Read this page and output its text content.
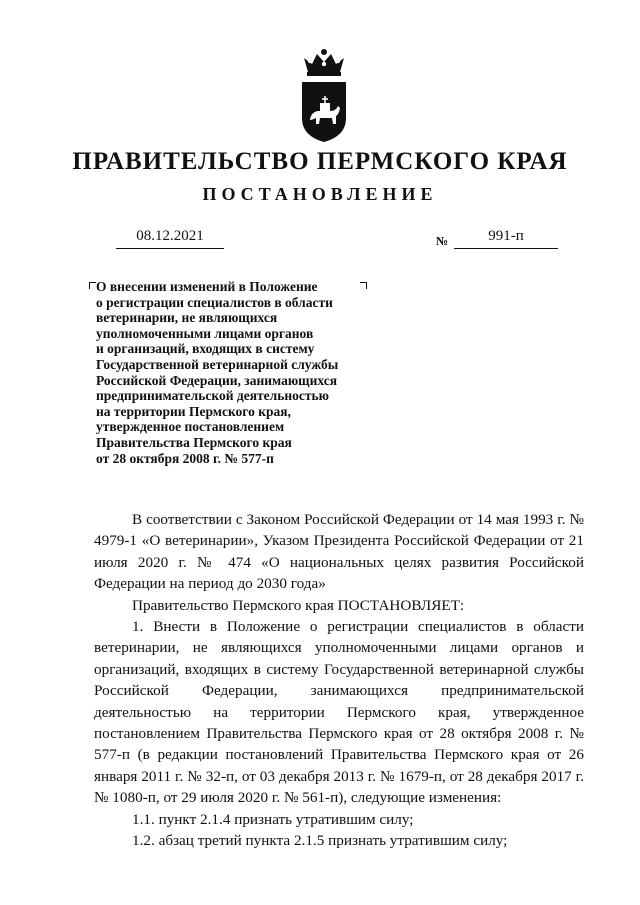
ПРАВИТЕЛЬСТВО ПЕРМСКОГО КРАЯ
ПОСТАНОВЛЕНИЕ
08.12.2021	№	991-п
О внесении изменений в Положение
о регистрации специалистов в области
ветеринарии, не являющихся
уполномоченными лицами органов
и организаций, входящих в систему
Государственной ветеринарной службы
Российской Федерации, занимающихся
предпринимательской деятельностью
на территории Пермского края,
утвержденное постановлением
Правительства Пермского края
от 28 октября 2008 г. № 577-п

В соответствии с Законом Российской Федерации от 14 мая 1993 г. № 4979-1 «О ветеринарии», Указом Президента Российской Федерации от 21 июля 2020 г. № 474 «О национальных целях развития Российской Федерации на период до 2030 года»

Правительство Пермского края ПОСТАНОВЛЯЕТ:

1. Внести в Положение о регистрации специалистов в области ветеринарии, не являющихся уполномоченными лицами органов и организаций, входящих в систему Государственной ветеринарной службы Российской Федерации, занимающихся предпринимательской деятельностью на территории Пермского края, утвержденное постановлением Правительства Пермского края от 28 октября 2008 г. № 577-п (в редакции постановлений Правительства Пермского края от 26 января 2011 г. № 32-п, от 03 декабря 2013 г. № 1679-п, от 28 декабря 2017 г. № 1080-п, от 29 июля 2020 г. № 561-п), следующие изменения:

1.1. пункт 2.1.4 признать утратившим силу;

1.2. абзац третий пункта 2.1.5 признать утратившим силу;
